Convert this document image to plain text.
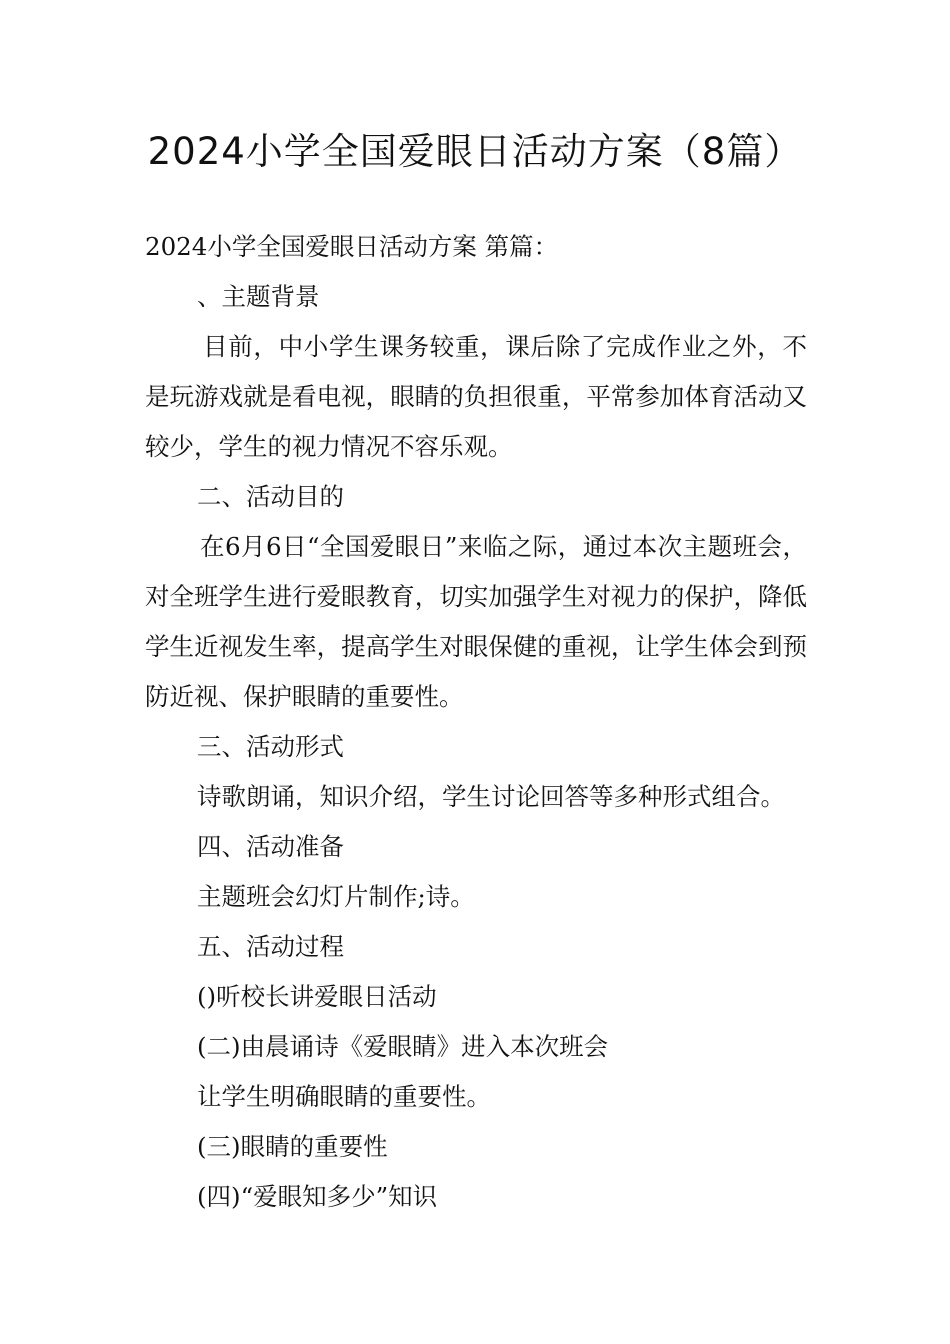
2024小学全国爱眼日活动方案（8篇）

2024小学全国爱眼日活动方案 第篇：

、主题背景

目前，中小学生课务较重，课后除了完成作业之外，不是玩游戏就是看电视，眼睛的负担很重，平常参加体育活动又较少，学生的视力情况不容乐观。

二、活动目的

在6月6日“全国爱眼日”来临之际，通过本次主题班会，对全班学生进行爱眼教育，切实加强学生对视力的保护，降低学生近视发生率，提高学生对眼保健的重视，让学生体会到预防近视、保护眼睛的重要性。

三、活动形式

诗歌朗诵，知识介绍，学生讨论回答等多种形式组合。

四、活动准备

主题班会幻灯片制作;诗。

五、活动过程

()听校长讲爱眼日活动

(二)由晨诵诗《爱眼睛》进入本次班会

让学生明确眼睛的重要性。

(三)眼睛的重要性

(四)“爱眼知多少”知识
